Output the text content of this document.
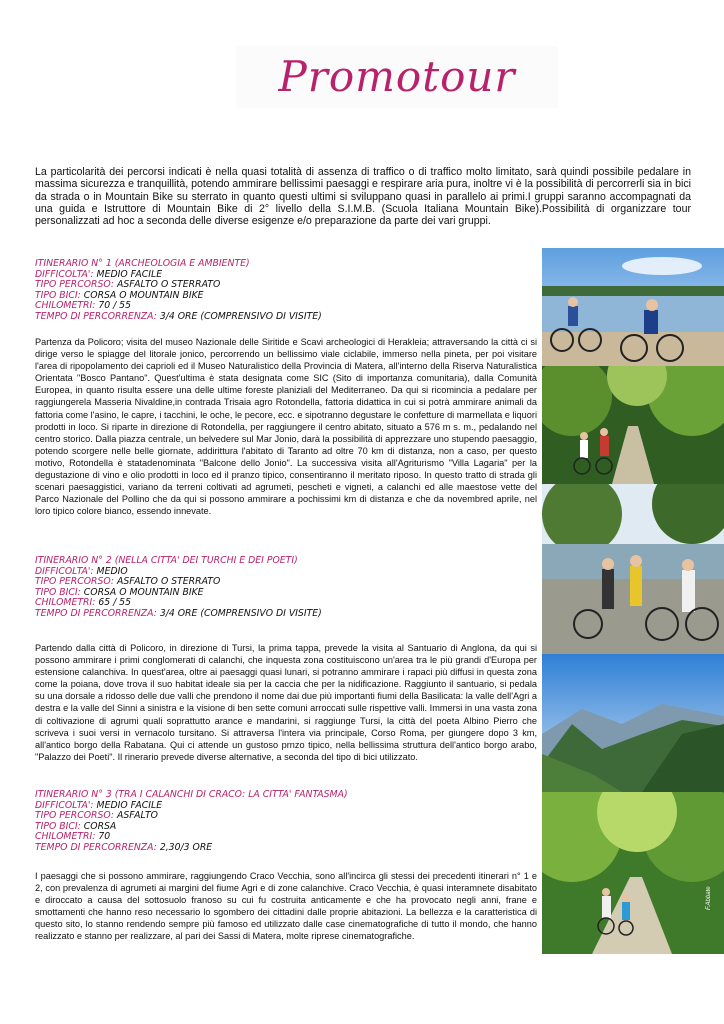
Promotour
La particolarità dei percorsi indicati è nella quasi totalità di assenza di traffico o di traffico molto limitato, sarà quindi possibile pedalare in massima sicurezza e tranquillità, potendo ammirare bellissimi paesaggi e respirare aria pura, inoltre vi è la possibilità di percorrerli sia in bici da strada o in Mountain Bike su sterrato in quanto questi ultimi si sviluppano quasi in parallelo ai primi.I gruppi saranno accompagnati da una guida e Istruttore di Mountain Bike di 2° livello della S.I.M.B. (Scuola Italiana Mountain Bike).Possibilità di organizzare tour personalizzati ad hoc a seconda delle diverse esigenze e/o preparazione da parte dei vari gruppi.
ITINERARIO N° 1 (ARCHEOLOGIA E AMBIENTE)
DIFFICOLTA': MEDIO FACILE
TIPO PERCORSO: ASFALTO O STERRATO
TIPO BICI: CORSA O MOUNTAIN BIKE
CHILOMETRI: 70 / 55
TEMPO DI PERCORRENZA: 3/4 ORE (COMPRENSIVO DI VISITE)
Partenza da Policoro; visita del museo Nazionale delle Siritide e Scavi archeologici di Herakleia; attraversando la città ci si dirige verso le spiagge del litorale jonico, percorrendo un bellissimo viale ciclabile, immerso nella pineta, per poi visitare l'area di ripopolamento dei caprioli ed il Museo Naturalistico della Provincia di Matera, all'interno della Riserva Naturalistica Orientata "Bosco Pantano". Quest'ultima è stata designata come SIC (Sito di importanza comunitaria), dalla Comunità Europea, in quanto risulta essere una delle ultime foreste planiziali del Mediterraneo. Da qui si ricomincia a pedalare per raggiungerela Masseria Nivaldine,in contrada Trisaia agro Rotondella, fattoria didattica in cui si potrà ammirare animali da fattoria come l'asino, le capre, i tacchini, le oche, le pecore, ecc. e sipotranno degustare le confetture di marmellata e liquori prodotti in loco. Si riparte in direzione di Rotondella, per raggiungere il centro abitato, situato a 576 m s. m., pedalando nel centro storico. Dalla piazza centrale, un belvedere sul Mar Jonio, darà la possibilità di apprezzare uno stupendo paesaggio, potendo scorgere nelle belle giornate, addirittura l'abitato di Taranto ad oltre 70 km di distanza, non a caso, per questo motivo, Rotondella è statadenominata "Balcone dello Jonio". La successiva visita all'Agriturismo "Villa Lagaria" per la degustazione di vino e olio prodotti in loco ed il pranzo tipico, consentiranno il meritato riposo. In questo tratto di strada gli scenari paesaggistici, variano da terreni coltivati ad agrumeti, pescheti e vigneti, a calanchi ed alle maestose vette del Parco Nazionale del Pollino che da qui si possono ammirare a pochissimi km di distanza e che da novembred aprile, nel loro tipico colore bianco, essendo innevate.
ITINERARIO N° 2 (NELLA CITTA' DEI TURCHI E DEI POETI)
DIFFICOLTA': MEDIO
TIPO PERCORSO: ASFALTO O STERRATO
TIPO BICI: CORSA O MOUNTAIN BIKE
CHILOMETRI: 65 / 55
TEMPO DI PERCORRENZA: 3/4 ORE (COMPRENSIVO DI VISITE)
Partendo dalla città di Policoro, in direzione di Tursi, la prima tappa, prevede la visita al Santuario di Anglona, da qui si possono ammirare i primi conglomerati di calanchi, che inquesta zona costituiscono un'area tra le più grandi d'Europa per estensione calanchiva. In quest'area, oltre ai paesaggi quasi lunari, si potranno ammirare i rapaci più diffusi in questa zona come la poiana, dove trova il suo habitat ideale sia per la caccia che per la nidificazione. Raggiunto il santuario, si pedala su una dorsale a ridosso delle due valli che prendono il nome dai due più importanti fiumi della Basilicata: la valle dell'Agri a destra e la valle del Sinni a sinistra e la visione di ben sette comuni arroccati sulle rispettive valli. Immersi in una vasta zona di coltivazione di agrumi quali soprattutto arance e mandarini, si raggiunge Tursi, la città del poeta Albino Pierro che scriveva i suoi versi in vernacolo tursitano. Si attraversa l'intera via principale, Corso Roma, per giungere dopo 3 km, all'antico borgo della Rabatana. Qui ci attende un gustoso prnzo tipico, nella bellissima struttura dell'antico borgo arabo, "Palazzo dei Poeti". Il rinerario prevede diverse alternative, a seconda del tipo di bici utilizzato.
ITINERARIO N° 3 (TRA I CALANCHI DI CRACO: LA CITTA' FANTASMA)
DIFFICOLTA': MEDIO FACILE
TIPO PERCORSO: ASFALTO
TIPO BICI: CORSA
CHILOMETRI: 70
TEMPO DI PERCORRENZA: 2,30/3 ORE
I paesaggi che si possono ammirare, raggiungendo Craco Vecchia, sono all'incirca gli stessi dei precedenti itinerari n° 1 e 2, con prevalenza di agrumeti ai margini del fiume Agri e di zone calanchive. Craco Vecchia, è quasi interamnete disabitato e diroccato a causa del sottosuolo franoso su cui fu costruita anticamente e che ha provocato negli anni, frane e smottamenti che hanno reso necessario lo sgombero dei cittadini dalle proprie abitazioni. La bellezza e la caratteristica di questo sito, lo stanno rendendo sempre più famoso ed utilizzato dalle case cinematografiche di tutto il mondo, che hanno realizzato e stanno per realizzare, al pari dei Sassi di Matera, molte riprese cinematografiche.
F.Abbate
